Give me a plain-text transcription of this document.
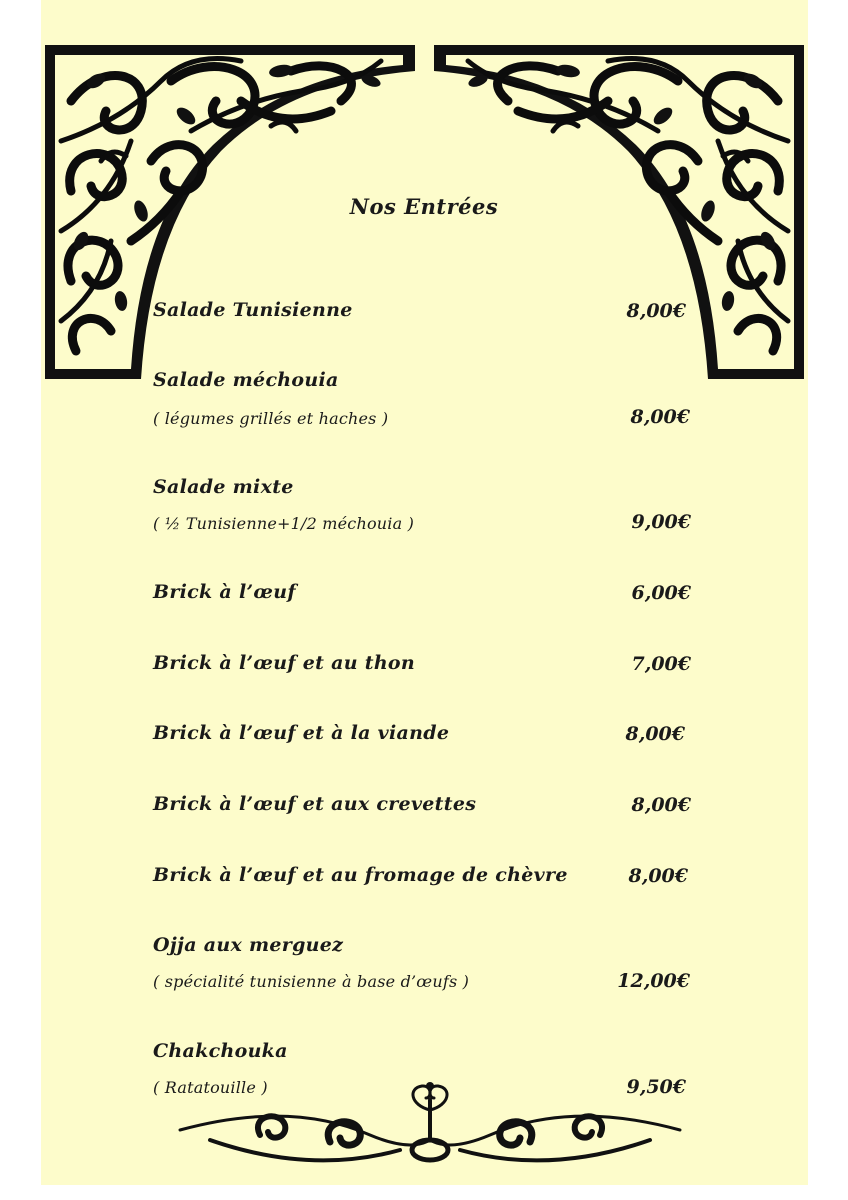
Nos Entrées
Salade Tunisienne	8,00€
Salade méchouia
( légumes grillés et haches )	8,00€
Salade mixte
( ½ Tunisienne+1/2 méchouia )	9,00€
Brick à l’œuf	6,00€
Brick à l’œuf et au thon	7,00€
Brick à l’œuf et à la viande	8,00€
Brick à l’œuf et aux crevettes	8,00€
Brick à l’œuf et au fromage de chèvre	8,00€
Ojja aux merguez
( spécialité tunisienne à base d’œufs )	12,00€
Chakchouka
( Ratatouille )	9,50€
